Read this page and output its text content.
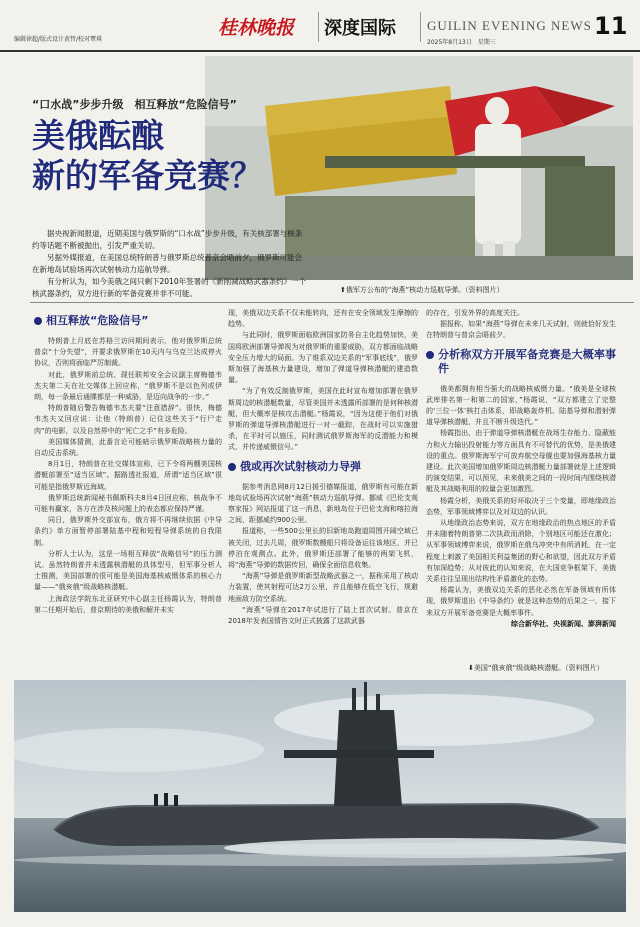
编辑徐超/版式设计黄哲/校对覃琪
桂林晚报 深度国际 GUILIN EVENING NEWS
2025年8月13日　星期三
11
⬆俄军方公布的“海燕”核动力巡航导弹。（资料图片）
“口水战”步步升级　相互释放“危险信号”
美俄酝酿
新的军备竞赛？

据央视新闻报道，近期美国与俄罗斯的“口水战”步步升级，有关核部署与核条约等话题不断被抛出，引发严重关切。

另据外媒报道，在美国总统特朗普与俄罗斯总统普京会晤前夕，俄罗斯可能会在新地岛试验场再次试射核动力巡航导弹。

有分析认为，如今美俄之间只剩下2010年签署的《新削减战略武器条约》一个核武器条约，双方进行新的军备竞赛并非不可能。

相互释放“危险信号”

特朗普上月底在苏格兰访问期间表示，他对俄罗斯总统普京“十分失望”，并要求俄罗斯在10天内与乌克兰达成停火协议，否则将面临严厉制裁。

对此，俄罗斯前总统、现任联邦安全会议副主席梅德韦杰夫第二天在社交媒体上回应称，“俄罗斯不是以色列或伊朗，每一条最后通牒都是一种威胁，是迈向战争的一步。”

特朗普随后警告梅德韦杰夫要“注意措辞”。很快，梅德韦杰夫又回应说：让他（特朗普）记住这些关于“行尸走肉”的电影，以及自然界中的“死亡之手”有多危险。

美国媒体猜测，此番言论可能暗示俄罗斯战略核力量的自动反击系统。

8月1日，特朗普在社交媒体宣称，已下令将两艘美国核潜艇部署至“适当区域”。据路透社报道，所谓“适当区域”很可能是指俄罗斯近海域。

俄罗斯总统新闻秘书佩斯科夫8月4日回应称，核战争不可能有赢家，各方在涉及核问题上的表态都应保持严谨。

同日，俄罗斯外交部宣布，俄方将不再继续依据《中导条约》单方面暂停部署陆基中程和短程导弹系统的自我限制。

分析人士认为，这是一场相互释放“战略信号”的压力测试。虽然特朗普并未透露核潜艇的具体型号，但军事分析人士推测，美国部署的很可能是美国海基核威慑体系的核心力量——“俄亥俄”级战略核潜艇。

上海政法学院东北亚研究中心副主任杨霞认为，特朗普第二任期开始后，普京期待的美俄和解并未实

现，美俄双边关系不仅未能转向，还有在安全领域发生摩擦的趋势。

与此同时，俄罗斯面临欧洲国家防务自主化趋势加快，美国将欧洲部署导弹视为对俄罗斯的重要威胁，双方都面临战略安全压力增大的局面。为了维系双边关系的“军事底线”，俄罗斯加强了海基核力量建设，增加了弹道导弹核潜艇的建造数量。

“为了有效反制俄罗斯，美国在此时宣布增加部署在俄罗斯周边的核潜艇数量，尽管美国并未透露所部署的是何种核潜艇，但大概率是核攻击潜艇。”杨霞说，“因为这便于他们对俄罗斯的弹道导弹核潜艇进行一对一截踪，在战时可以实施猎杀，在平时可以施压，同时测试俄罗斯海军的反潜能力和模式，并传递威慑信号。”

俄或再次试射核动力导弹

据参考消息网8月12日援引德媒报道，俄罗斯有可能在新地岛试验场再次试射“海燕”核动力巡航导弹。挪威《巴伦支观察家报》网站报道了这一消息，新地岛位于巴伦支海和喀拉海之间，距挪威约900公里。

报道称，一些500公里长的旧新地岛跑道周围开阔空域已被关闭，过去几周，俄罗斯数艘船只将设备运往该地区，并已停泊在观测点。此外，俄罗斯还部署了能够的两架飞机，将“海燕”导弹的数据传回，确保全面信息收集。

“海燕”导弹是俄罗斯新型战略武器之一，据称采用了核动力装置，使其射程可达2万公里，并且能够在低空飞行，规避地面敌方防空系统。

“海燕”导弹在2017年试进行了陆上首次试射。普京在2018年发表国情咨文时正式披露了这款武器

的存在，引发外界的高度关注。

据报称，如果“海燕”导弹在未来几天试射，则就恰好发生在特朗普与普京会晤前夕。

分析称双方开展军备竞赛是大概率事件

俄美都拥有相当强大的战略核威慑力量。“俄美是全球核武库排名第一和第二的国家，”杨霞说，“双方都建立了完整的‘三位一体’核打击体系，即战略轰炸机、陆基导弹和潜射弹道导弹核潜艇，并且不断升级迭代。”

杨霞指出，由于弹道导弹核潜艇在战场生存能力、隐蔽能力和火力输出投射能力等方面具有不可替代的优势，是美俄建设的重点。俄罗斯海军宁可放弃航空母舰也要加强海基核力量建设。此次美国增加俄罗斯周边核潜艇力量部署就是上述逻辑的演变结果，可以预见，未来俄美之间的一段时间内围绕核潜艇及其战略利用的较量会更加激烈。

杨霞分析，美俄关系的好坏取决于三个变量，即地缘政治态势，军事领域博弈以及对双边的认识。

从地缘政治态势来说，双方在地缘政治的热点地区的矛盾并未随着特朗普第二次执政而消除，个别地区可能还在激化；从军事领域博弈来说，俄罗斯在俄乌冲突中有所消耗，在一定程度上刺激了美国相关利益集团的野心和欲望，因此双方矛盾有加深趋势；从对彼此的认知来说，在大国竞争框架下，美俄关系往往呈现出结构性矛盾激化的态势。

杨霞认为，美俄双边关系的恶化必然在军备领域有所体现，俄罗斯退出《中导条约》就是这种态势的后果之一，接下来双方开展军备竞赛是大概率事件。

综合新华社、央视新闻、澎湃新闻

⬇美国“俄亥俄”级战略核潜艇。（资料图片）
